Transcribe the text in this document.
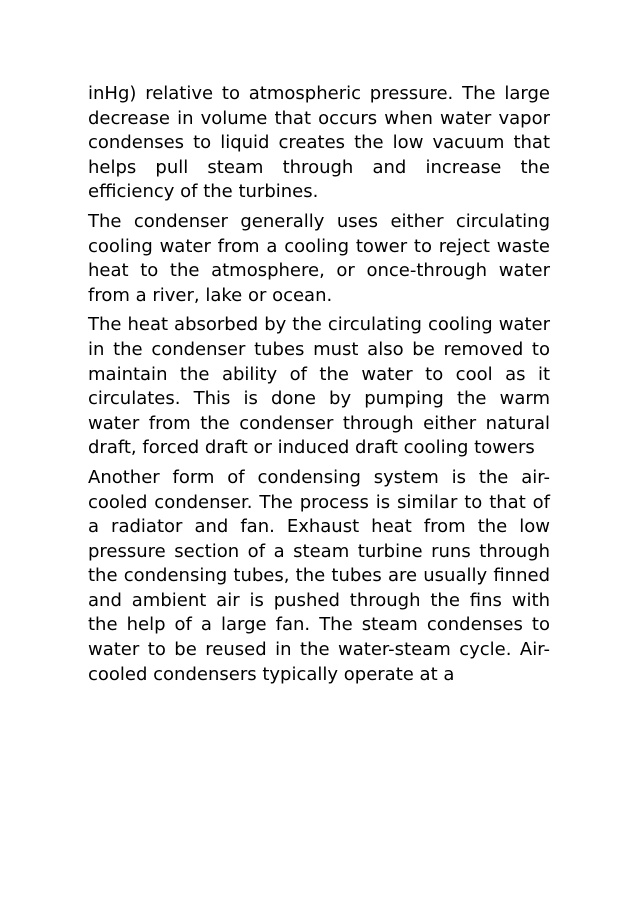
inHg) relative to atmospheric pressure. The large decrease in volume that occurs when water vapor condenses to liquid creates the low vacuum that helps pull steam through and increase the efficiency of the turbines.

The condenser generally uses either circulating cooling water from a cooling tower to reject waste heat to the atmosphere, or once-through water from a river, lake or ocean.

The heat absorbed by the circulating cooling water in the condenser tubes must also be removed to maintain the ability of the water to cool as it circulates. This is done by pumping the warm water from the condenser through either natural draft, forced draft or induced draft cooling towers

Another form of condensing system is the air-cooled condenser. The process is similar to that of a radiator and fan. Exhaust heat from the low pressure section of a steam turbine runs through the condensing tubes, the tubes are usually finned and ambient air is pushed through the fins with the help of a large fan. The steam condenses to water to be reused in the water-steam cycle. Air-cooled condensers typically operate at a
